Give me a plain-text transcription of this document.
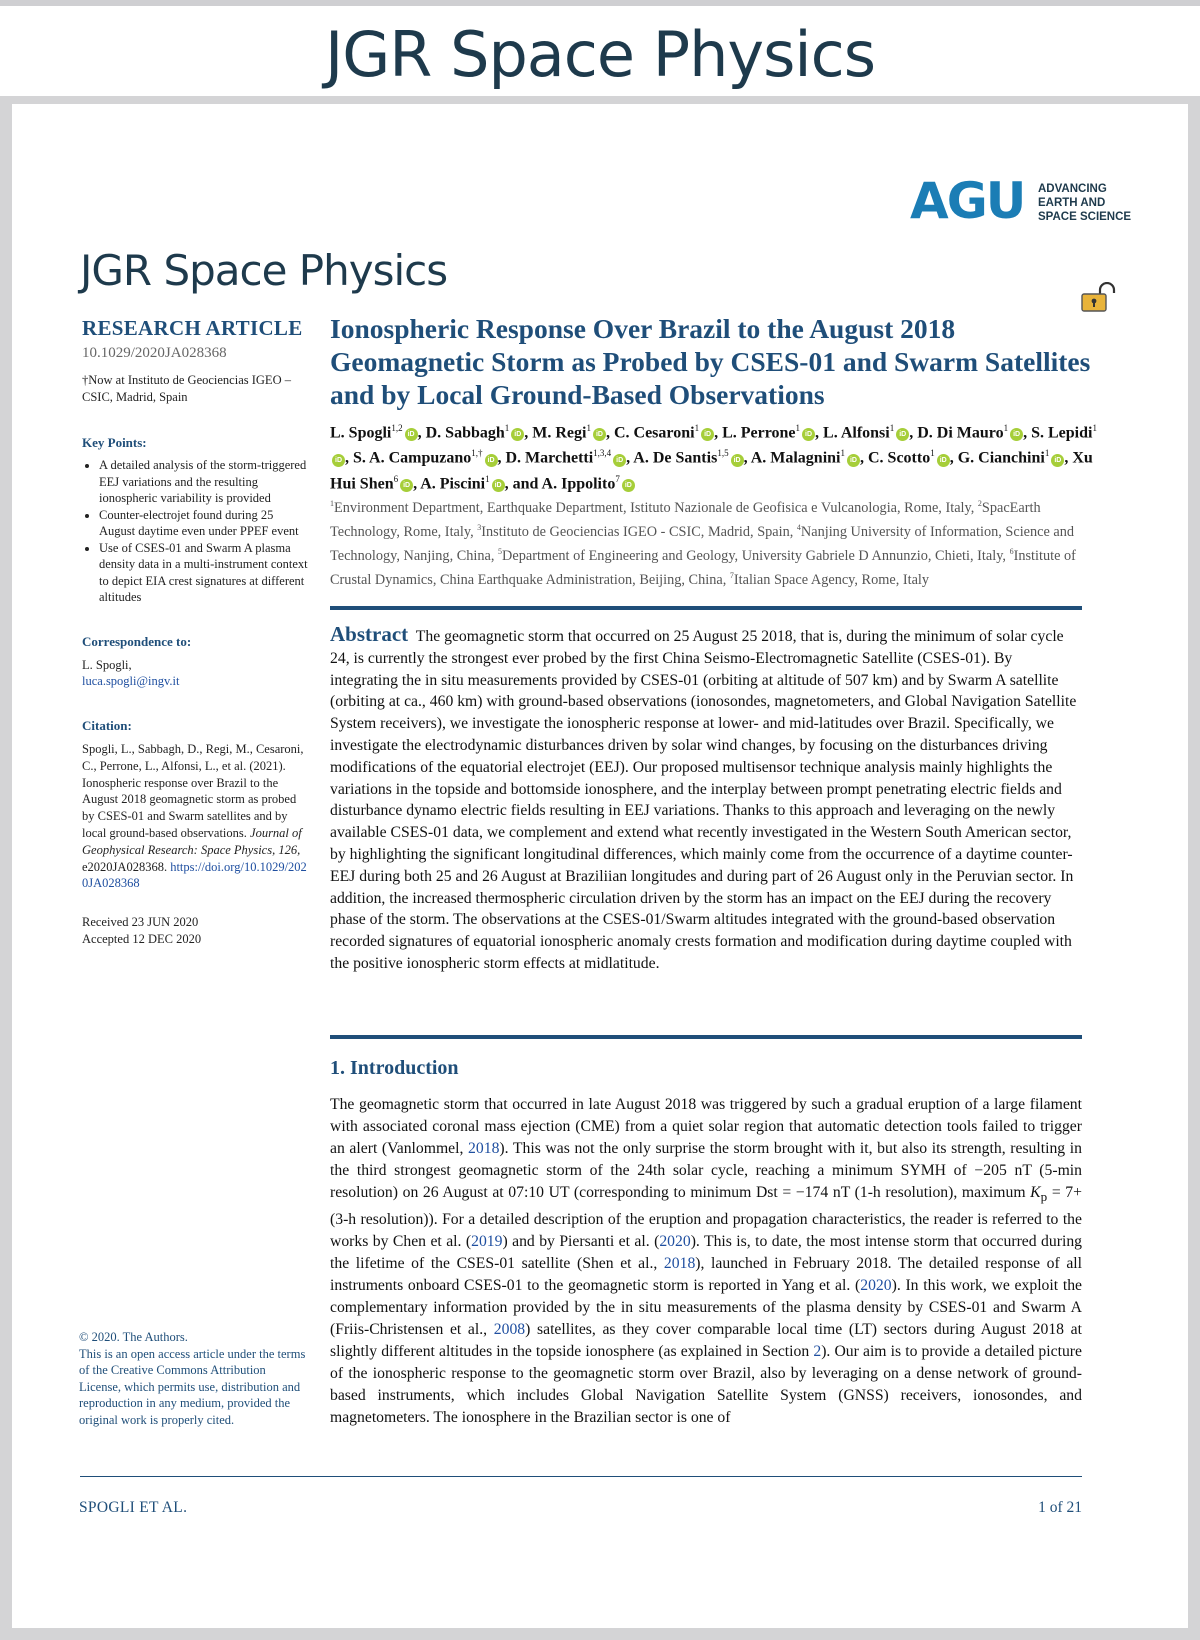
JGR Space Physics
AGU ADVANCING
EARTH AND
SPACE SCIENCE
JGR Space Physics
RESEARCH ARTICLE
10.1029/2020JA028368
†Now at Instituto de Geociencias IGEO – CSIC, Madrid, Spain
Key Points:
• A detailed analysis of the storm-triggered EEJ variations and the resulting ionospheric variability is provided
• Counter-electrojet found during 25 August daytime even under PPEF event
• Use of CSES-01 and Swarm A plasma density data in a multi-instrument context to depict EIA crest signatures at different altitudes
Correspondence to:
L. Spogli,
luca.spogli@ingv.it
Citation:
Spogli, L., Sabbagh, D., Regi, M., Cesaroni, C., Perrone, L., Alfonsi, L., et al. (2021). Ionospheric response over Brazil to the August 2018 geomagnetic storm as probed by CSES-01 and Swarm satellites and by local ground-based observations. Journal of Geophysical Research: Space Physics, 126, e2020JA028368. https://doi.org/10.1029/2020JA028368
Received 23 JUN 2020
Accepted 12 DEC 2020
© 2020. The Authors.
This is an open access article under the terms of the Creative Commons Attribution License, which permits use, distribution and reproduction in any medium, provided the original work is properly cited.
Ionospheric Response Over Brazil to the August 2018 Geomagnetic Storm as Probed by CSES-01 and Swarm Satellites and by Local Ground-Based Observations
L. Spogli$^{1,2}$iD , D. Sabbagh$^1$iD , M. Regi$^1$iD , C. Cesaroni$^1$iD , L. Perrone$^1$iD , L. Alfonsi$^1$iD , D. Di Mauro$^1$iD , S. Lepidi$^1$iD , S. A. Campuzano$^{1,\dagger}$iD , D. Marchetti$^{1,3,4}$iD , A. De Santis$^{1,5}$iD , A. Malagnini$^1$iD , C. Scotto$^1$iD , G. Cianchini$^1$iD , Xu Hui Shen$^6$iD , A. Piscini$^1$iD , and A. Ippolito$^7$iD
$^1$Environment Department, Earthquake Department, Istituto Nazionale de Geofisica e Vulcanologia, Rome, Italy, $^2$SpacEarth Technology, Rome, Italy, $^3$Instituto de Geociencias IGEO - CSIC, Madrid, Spain, $^4$Nanjing University of Information, Science and Technology, Nanjing, China, $^5$Department of Engineering and Geology, University Gabriele D Annunzio, Chieti, Italy, $^6$Institute of Crustal Dynamics, China Earthquake Administration, Beijing, China, $^7$Italian Space Agency, Rome, Italy
Abstract The geomagnetic storm that occurred on 25 August 25 2018, that is, during the minimum of solar cycle 24, is currently the strongest ever probed by the first China Seismo-Electromagnetic Satellite (CSES-01). By integrating the in situ measurements provided by CSES-01 (orbiting at altitude of 507 km) and by Swarm A satellite (orbiting at ca., 460 km) with ground-based observations (ionosondes, magnetometers, and Global Navigation Satellite System receivers), we investigate the ionospheric response at lower- and mid-latitudes over Brazil. Specifically, we investigate the electrodynamic disturbances driven by solar wind changes, by focusing on the disturbances driving modifications of the equatorial electrojet (EEJ). Our proposed multisensor technique analysis mainly highlights the variations in the topside and bottomside ionosphere, and the interplay between prompt penetrating electric fields and disturbance dynamo electric fields resulting in EEJ variations. Thanks to this approach and leveraging on the newly available CSES-01 data, we complement and extend what recently investigated in the Western South American sector, by highlighting the significant longitudinal differences, which mainly come from the occurrence of a daytime counter-EEJ during both 25 and 26 August at Braziliian longitudes and during part of 26 August only in the Peruvian sector. In addition, the increased thermospheric circulation driven by the storm has an impact on the EEJ during the recovery phase of the storm. The observations at the CSES-01/Swarm altitudes integrated with the ground-based observation recorded signatures of equatorial ionospheric anomaly crests formation and modification during daytime coupled with the positive ionospheric storm effects at midlatitude.
1. Introduction
The geomagnetic storm that occurred in late August 2018 was triggered by such a gradual eruption of a large filament with associated coronal mass ejection (CME) from a quiet solar region that automatic detection tools failed to trigger an alert (Vanlommel, 2018). This was not the only surprise the storm brought with it, but also its strength, resulting in the third strongest geomagnetic storm of the 24th solar cycle, reaching a minimum SYMH of −205 nT (5-min resolution) on 26 August at 07:10 UT (corresponding to minimum Dst = −174 nT (1-h resolution), maximum $K_p = 7+ (3-h$ resolution)). For a detailed description of the eruption and propagation characteristics, the reader is referred to the works by Chen et al. (2019) and by Piersanti et al. (2020). This is, to date, the most intense storm that occurred during the lifetime of the CSES-01 satellite (Shen et al., 2018), launched in February 2018. The detailed response of all instruments onboard CSES-01 to the geomagnetic storm is reported in Yang et al. (2020). In this work, we exploit the complementary information provided by the in situ measurements of the plasma density by CSES-01 and Swarm A (Friis-Christensen et al., 2008) satellites, as they cover comparable local time (LT) sectors during August 2018 at slightly different altitudes in the topside ionosphere (as explained in Section 2). Our aim is to provide a detailed picture of the ionospheric response to the geomagnetic storm over Brazil, also by leveraging on a dense network of ground-based instruments, which includes Global Navigation Satellite System (GNSS) receivers, ionosondes, and magnetometers. The ionosphere in the Brazilian sector is one of
SPOGLI ET AL.	1 of 21
